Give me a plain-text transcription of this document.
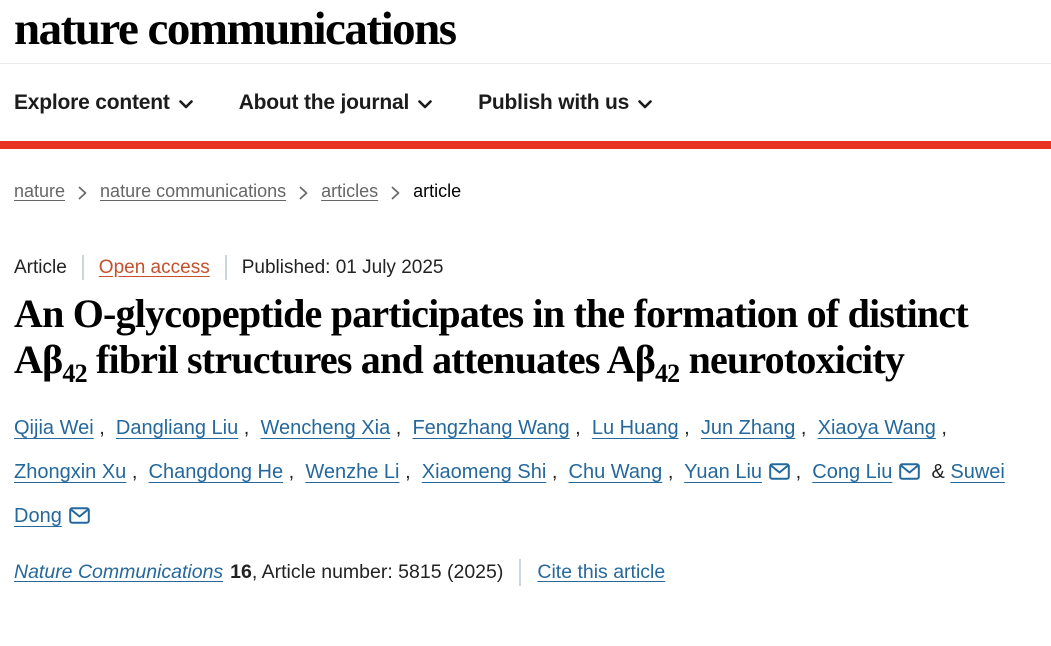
nature communications
Explore content	About the journal	Publish with us
nature nature communications articles article
Article Open access Published: 01 July 2025
An O-glycopeptide participates in the formation of distinct $A\beta_{42}$ fibril structures and attenuates $A\beta_{42}$ neurotoxicity
Qijia Wei ,  Dangliang Liu ,  Wencheng Xia ,  Fengzhang Wang ,  Lu Huang ,  Jun Zhang ,  Xiaoya Wang ,  Zhongxin Xu ,  Changdong He ,  Wenzhe Li ,  Xiaomeng Shi ,  Chu Wang ,  Yuan Liu ,  Cong Liu  & Suwei Dong
Nature Communications 16 , Article number: 5815 (2025) Cite this article
